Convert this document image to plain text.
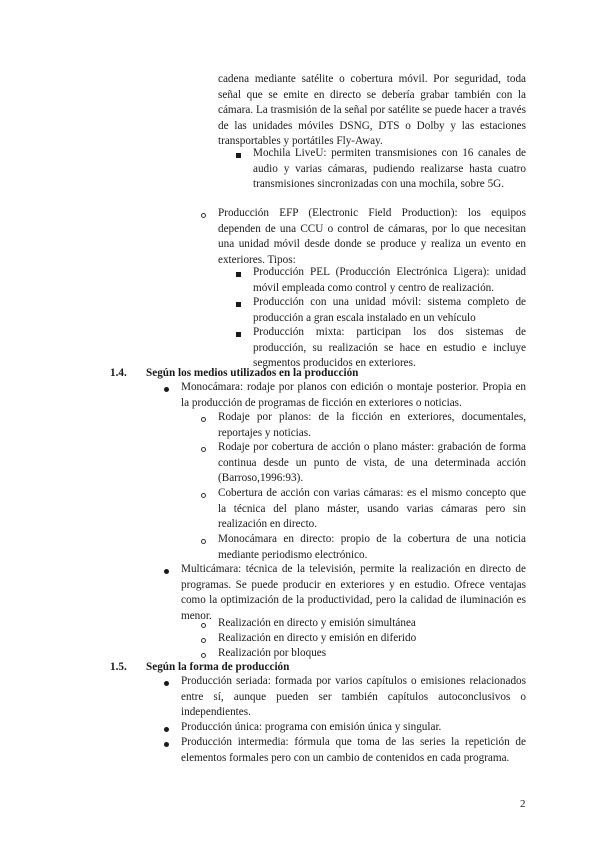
cadena mediante satélite o cobertura móvil. Por seguridad, toda señal que se emite en directo se debería grabar también con la cámara. La trasmisión de la señal por satélite se puede hacer a través de las unidades móviles DSNG, DTS o Dolby y las estaciones transportables y portátiles Fly-Away.
Mochila LiveU: permiten transmisiones con 16 canales de audio y varias cámaras, pudiendo realizarse hasta cuatro transmisiones sincronizadas con una mochila, sobre 5G.
Producción EFP (Electronic Field Production): los equipos dependen de una CCU o control de cámaras, por lo que necesitan una unidad móvil desde donde se produce y realiza un evento en exteriores. Tipos:
Producción PEL (Producción Electrónica Ligera): unidad móvil empleada como control y centro de realización.
Producción con una unidad móvil: sistema completo de producción a gran escala instalado en un vehículo
Producción mixta: participan los dos sistemas de producción, su realización se hace en estudio e incluye segmentos producidos en exteriores.
1.4. Según los medios utilizados en la producción
Monocámara: rodaje por planos con edición o montaje posterior. Propia en la producción de programas de ficción en exteriores o noticias.
Rodaje por planos: de la ficción en exteriores, documentales, reportajes y noticias.
Rodaje por cobertura de acción o plano máster: grabación de forma continua desde un punto de vista, de una determinada acción (Barroso,1996:93).
Cobertura de acción con varias cámaras: es el mismo concepto que la técnica del plano máster, usando varias cámaras pero sin realización en directo.
Monocámara en directo: propio de la cobertura de una noticia mediante periodismo electrónico.
Multicámara: técnica de la televisión, permite la realización en directo de programas. Se puede producir en exteriores y en estudio. Ofrece ventajas como la optimización de la productividad, pero la calidad de iluminación es menor.
Realización en directo y emisión simultánea
Realización en directo y emisión en diferido
Realización por bloques
1.5. Según la forma de producción
Producción seriada: formada por varios capítulos o emisiones relacionados entre sí, aunque pueden ser también capítulos autoconclusivos o independientes.
Producción única: programa con emisión única y singular.
Producción intermedia: fórmula que toma de las series la repetición de elementos formales pero con un cambio de contenidos en cada programa.
2
